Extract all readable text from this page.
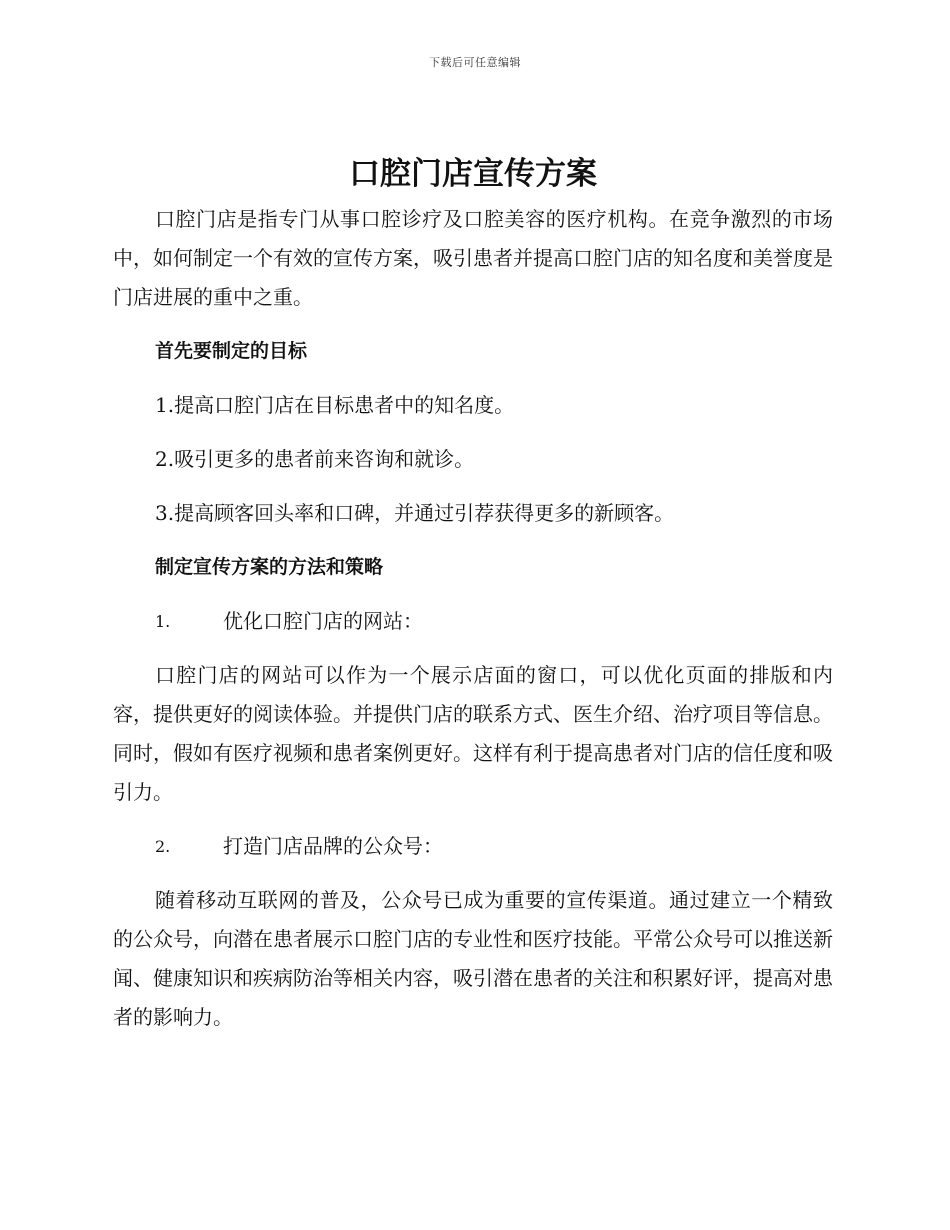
下载后可任意编辑
口腔门店宣传方案

口腔门店是指专门从事口腔诊疗及口腔美容的医疗机构。在竞争激烈的市场中，如何制定一个有效的宣传方案，吸引患者并提高口腔门店的知名度和美誉度是门店进展的重中之重。

首先要制定的目标

1.提高口腔门店在目标患者中的知名度。

2.吸引更多的患者前来咨询和就诊。

3.提高顾客回头率和口碑，并通过引荐获得更多的新顾客。

制定宣传方案的方法和策略

1.	优化口腔门店的网站：

口腔门店的网站可以作为一个展示店面的窗口，可以优化页面的排版和内容，提供更好的阅读体验。并提供门店的联系方式、医生介绍、治疗项目等信息。同时，假如有医疗视频和患者案例更好。这样有利于提高患者对门店的信任度和吸引力。

2.	打造门店品牌的公众号：

随着移动互联网的普及，公众号已成为重要的宣传渠道。通过建立一个精致的公众号，向潜在患者展示口腔门店的专业性和医疗技能。平常公众号可以推送新闻、健康知识和疾病防治等相关内容，吸引潜在患者的关注和积累好评，提高对患者的影响力。
